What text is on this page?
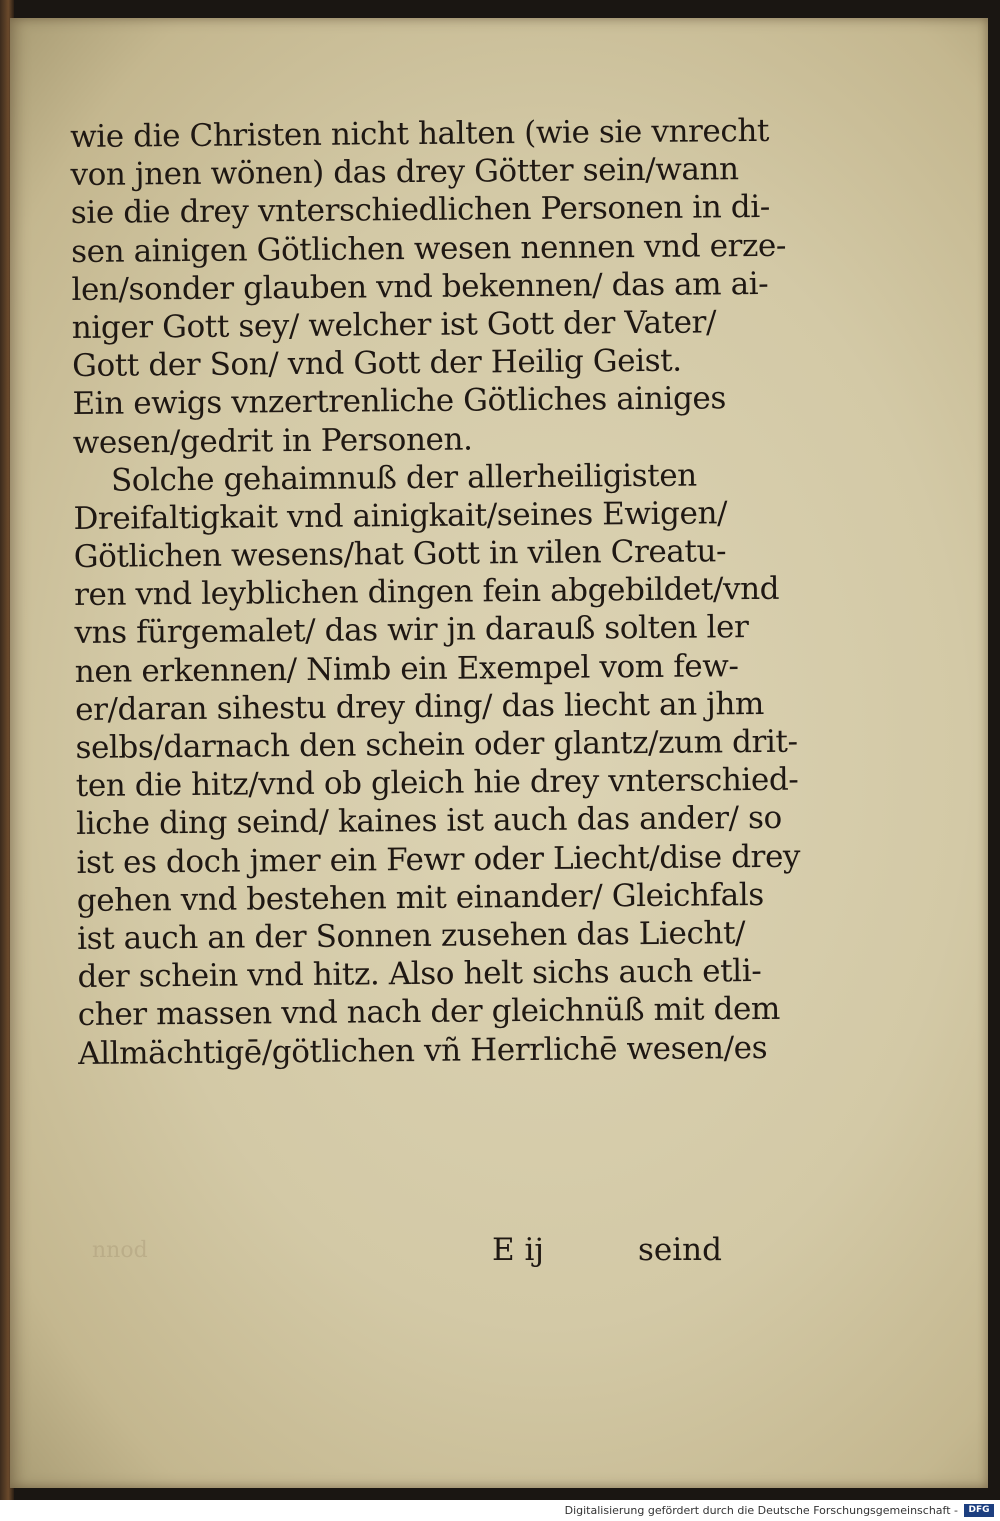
wie die Christen nicht halten (wie sie vnrecht
von jnen wönen) das drey Götter sein/wann
sie die drey vnterschiedlichen Personen in di-
sen ainigen Götlichen wesen nennen vnd erze-
len/sonder glauben vnd bekennen/ das am ai-
niger Gott sey/ welcher ist Gott der Vater/
Gott der Son/ vnd Gott der Heilig Geist.
Ein ewigs vnzertrenliche Götliches ainiges
wesen/gedrit in Personen.
Solche gehaimnuß der allerheiligisten
Dreifaltigkait vnd ainigkait/seines Ewigen/
Götlichen wesens/hat Gott in vilen Creatu-
ren vnd leyblichen dingen fein abgebildet/vnd
vns fürgemalet/ das wir jn darauß solten ler
nen erkennen/ Nimb ein Exempel vom few-
er/daran sihestu drey ding/ das liecht an jhm
selbs/darnach den schein oder glantz/zum drit-
ten die hitz/vnd ob gleich hie drey vnterschied-
liche ding seind/ kaines ist auch das ander/ so
ist es doch jmer ein Fewr oder Liecht/dise drey
gehen vnd bestehen mit einander/ Gleichfals
ist auch an der Sonnen zusehen das Liecht/
der schein vnd hitz. Also helt sichs auch etli-
cher massen vnd nach der gleichnüß mit dem
Allmächtigē/götlichen vñ Herrlichē wesen/es
nnod	E ij	seind
Digitalisierung gefördert durch die Deutsche Forschungsgemeinschaft -	DFG
